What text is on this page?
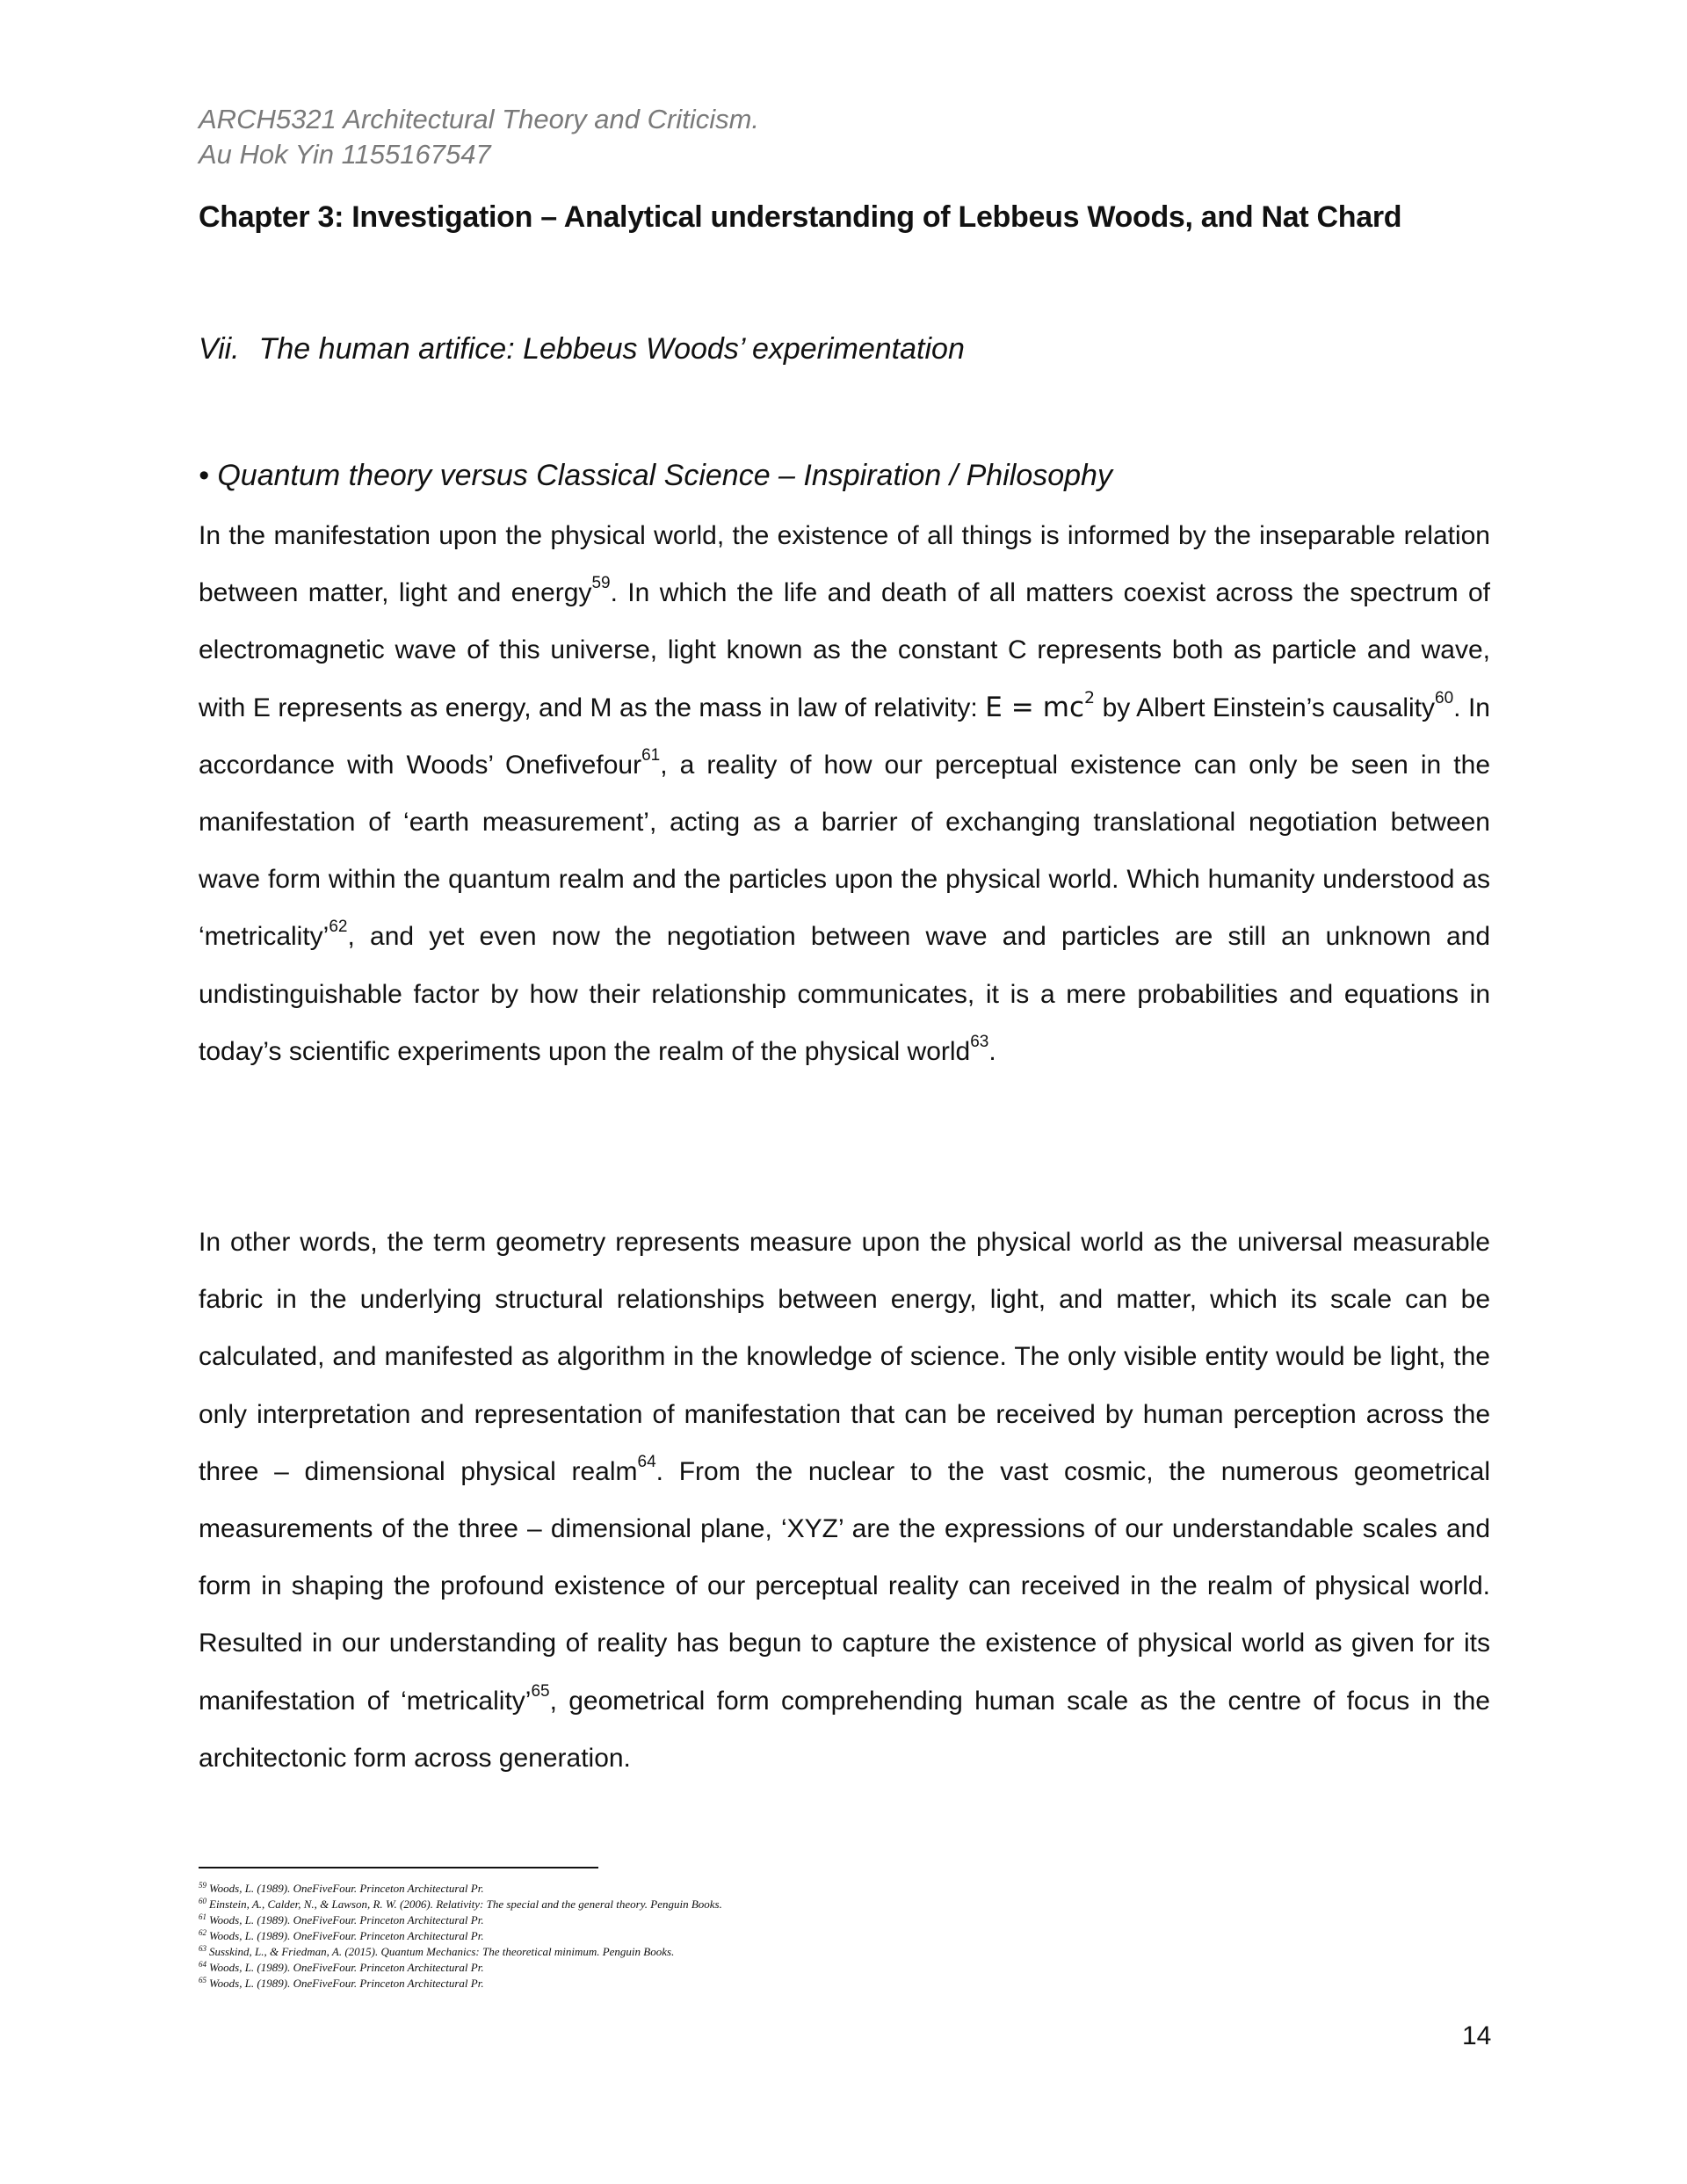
ARCH5321 Architectural Theory and Criticism.
Au Hok Yin 1155167547
Chapter 3: Investigation – Analytical understanding of Lebbeus Woods, and Nat Chard
Vii. The human artifice: Lebbeus Woods’ experimentation
• Quantum theory versus Classical Science – Inspiration / Philosophy

In the manifestation upon the physical world, the existence of all things is informed by the inseparable relation between matter, light and energy$^{59}$. In which the life and death of all matters coexist across the spectrum of electromagnetic wave of this universe, light known as the constant C represents both as particle and wave, with E represents as energy, and M as the mass in law of relativity: $E = mc^2$ by Albert Einstein’s causality$^{60}$. In accordance with Woods’ Onefivefour$^{61}$, a reality of how our perceptual existence can only be seen in the manifestation of ‘earth measurement’, acting as a barrier of exchanging translational negotiation between wave form within the quantum realm and the particles upon the physical world. Which humanity understood as ‘metricality’$^{62}$, and yet even now the negotiation between wave and particles are still an unknown and undistinguishable factor by how their relationship communicates, it is a mere probabilities and equations in today’s scientific experiments upon the realm of the physical world$^{63}$.

In other words, the term geometry represents measure upon the physical world as the universal measurable fabric in the underlying structural relationships between energy, light, and matter, which its scale can be calculated, and manifested as algorithm in the knowledge of science. The only visible entity would be light, the only interpretation and representation of manifestation that can be received by human perception across the three – dimensional physical realm$^{64}$. From the nuclear to the vast cosmic, the numerous geometrical measurements of the three – dimensional plane, ‘XYZ’ are the expressions of our understandable scales and form in shaping the profound existence of our perceptual reality can received in the realm of physical world. Resulted in our understanding of reality has begun to capture the existence of physical world as given for its manifestation of ‘metricality’$^{65}$, geometrical form comprehending human scale as the centre of focus in the architectonic form across generation.

$^{59}$ Woods, L. (1989). OneFiveFour. Princeton Architectural Pr.
$^{60}$ Einstein, A., Calder, N., & Lawson, R. W. (2006). Relativity: The special and the general theory. Penguin Books.
$^{61}$ Woods, L. (1989). OneFiveFour. Princeton Architectural Pr.
$^{62}$ Woods, L. (1989). OneFiveFour. Princeton Architectural Pr.
$^{63}$ Susskind, L., & Friedman, A. (2015). Quantum Mechanics: The theoretical minimum. Penguin Books.
$^{64}$ Woods, L. (1989). OneFiveFour. Princeton Architectural Pr.
$^{65}$ Woods, L. (1989). OneFiveFour. Princeton Architectural Pr.
14
